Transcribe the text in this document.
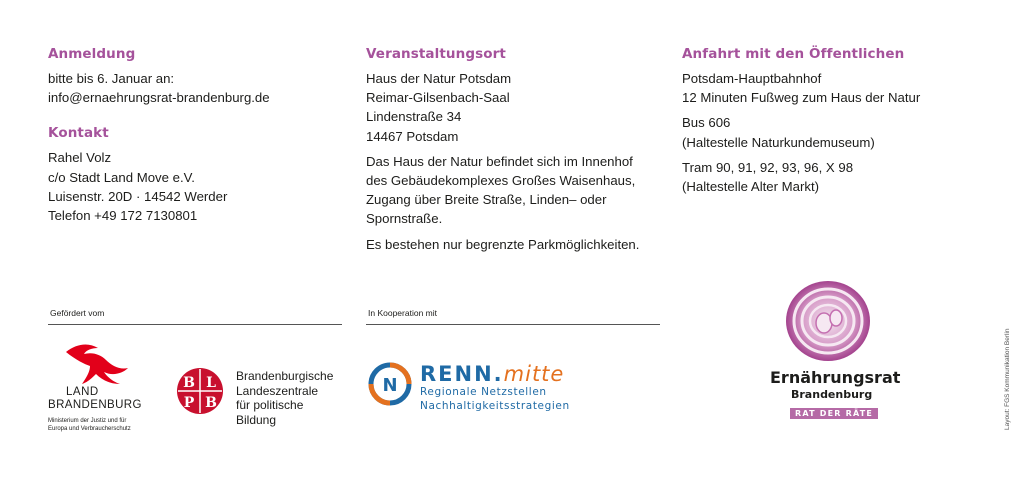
Anmeldung

bitte bis 6. Januar an:
info@ernaehrungsrat-brandenburg.de

Kontakt

Rahel Volz
c/o Stadt Land Move e.V.
Luisenstr. 20D · 14542 Werder
Telefon +49 172 7130801

Veranstaltungsort

Haus der Natur Potsdam
Reimar-Gilsenbach-Saal
Lindenstraße 34
14467 Potsdam

Das Haus der Natur befindet sich im Innenhof
des Gebäudekomplexes Großes Waisenhaus,
Zugang über Breite Straße, Linden– oder
Spornstraße.

Es bestehen nur begrenzte Parkmöglichkeiten.

Anfahrt mit den Öffentlichen

Potsdam-Hauptbahnhof
12 Minuten Fußweg zum Haus der Natur

Bus 606
(Haltestelle Naturkundemuseum)

Tram 90, 91, 92, 93, 96, X 98
(Haltestelle Alter Markt)

Gefördert vom	In Kooperation mit
LAND
BRANDENBURG
Ministerium der Justiz und für
Europa und Verbraucherschutz
B L
P B
Brandenburgische
Landeszentrale
für politische Bildung
N RENN.mitte
Regionale Netzstellen
Nachhaltigkeitsstrategien
Ernährungsrat
Brandenburg
RAT DER RÄTE	Layout: FGS Kommunikation Berlin
